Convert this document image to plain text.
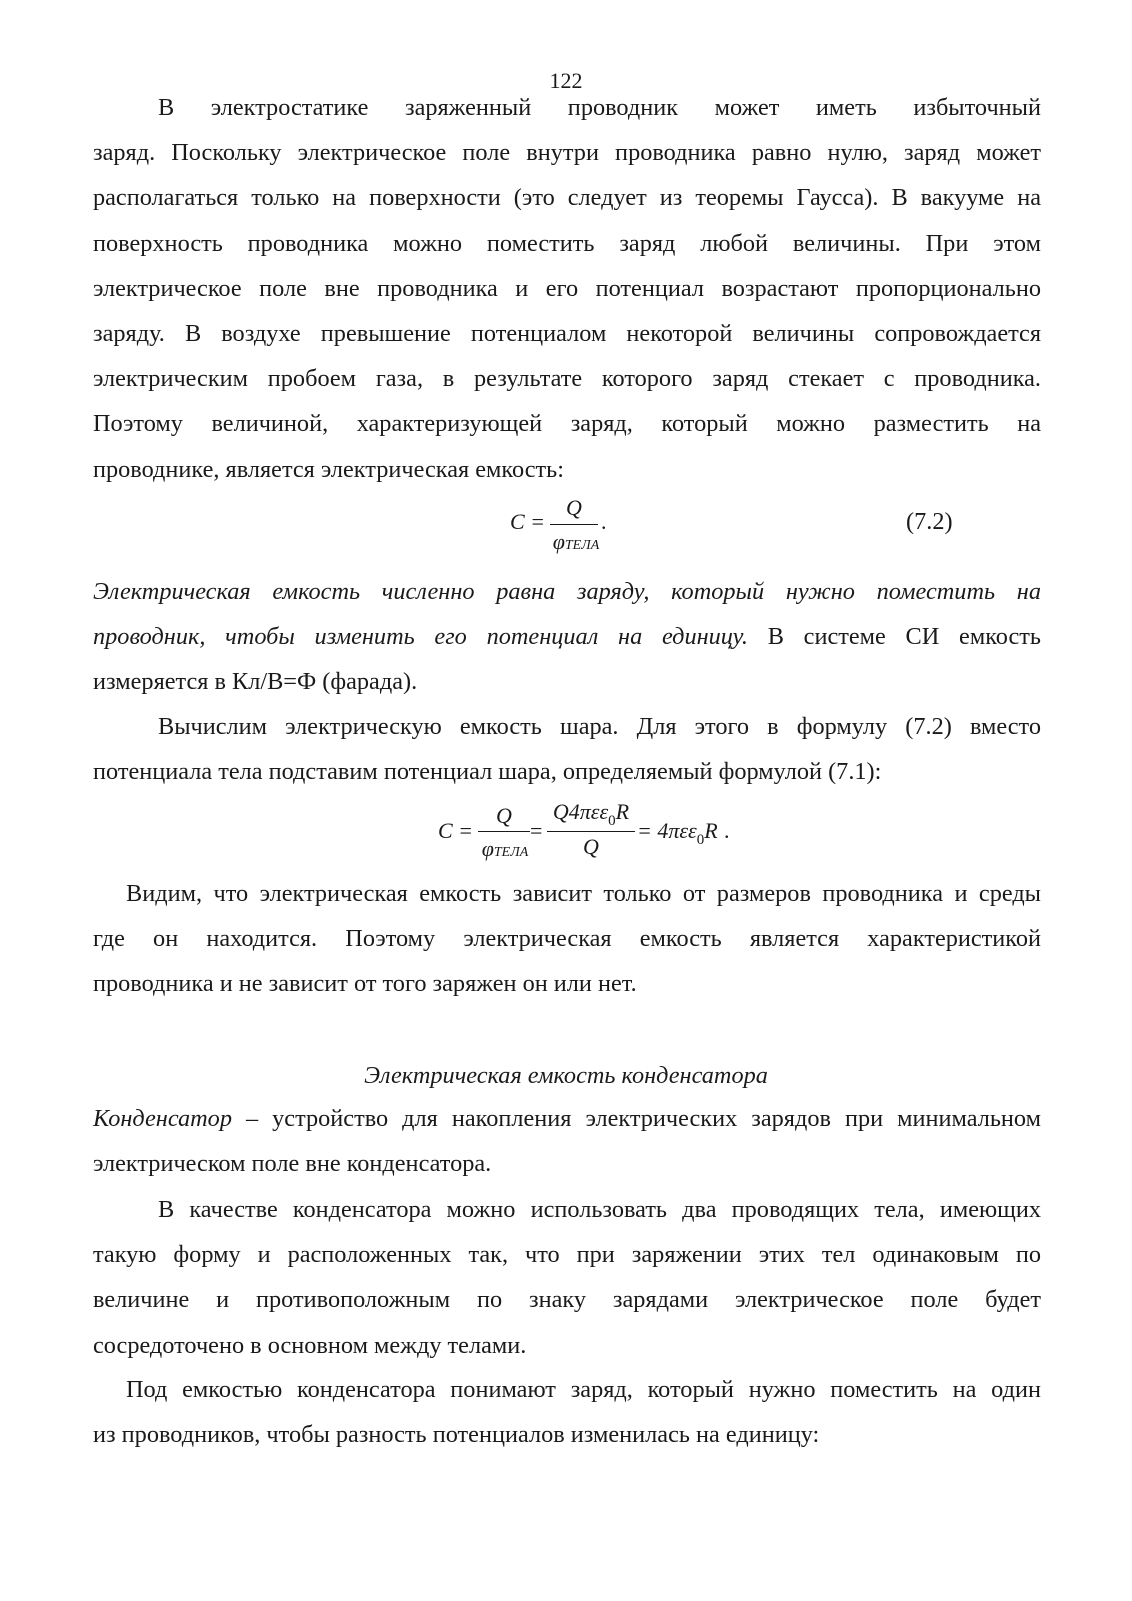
122
В электростатике заряженный проводник может иметь избыточный
заряд. Поскольку электрическое поле внутри проводника равно нулю, заряд может
располагаться только на поверхности (это следует из теоремы Гаусса). В вакууме на
поверхность проводника можно поместить заряд любой величины. При этом
электрическое поле вне проводника и его потенциал возрастают пропорционально
заряду. В воздухе превышение потенциалом некоторой величины сопровождается
электрическим пробоем газа, в результате которого заряд стекает с проводника.
Поэтому величиной, характеризующей заряд, который можно разместить на
проводнике, является электрическая емкость:
C =
Q
φТЕЛА
.	(7.2)
Электрическая емкость численно равна заряду, который нужно поместить на
проводник, чтобы изменить его потенциал на единицу. В системе СИ емкость
измеряется в Кл/В=Ф (фарада).
Вычислим электрическую емкость шара. Для этого в формулу (7.2) вместо
потенциала тела подставим потенциал шара, определяемый формулой (7.1):
C =
Q
φТЕЛА
=
Q4πεε$_0$R
Q
= 4πεε$_0$R .
Видим, что электрическая емкость зависит только от размеров проводника и среды
где он находится. Поэтому электрическая емкость является характеристикой
проводника и не зависит от того заряжен он или нет.
Электрическая емкость конденсатора
Конденсатор – устройство для накопления электрических зарядов при минимальном
электрическом поле вне конденсатора.
В качестве конденсатора можно использовать два проводящих тела, имеющих
такую форму и расположенных так, что при заряжении этих тел одинаковым по
величине и противоположным по знаку зарядами электрическое поле будет
сосредоточено в основном между телами.
Под емкостью конденсатора понимают заряд, который нужно поместить на один
из проводников, чтобы разность потенциалов изменилась на единицу:
